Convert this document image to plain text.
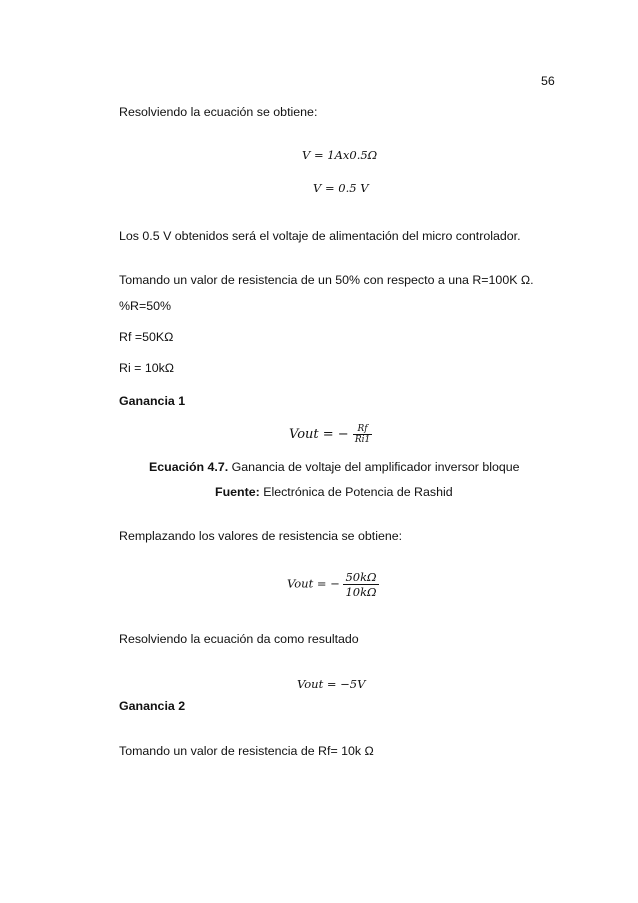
56
Resolviendo la ecuación se obtiene:
V = 1Ax0.5Ω
V = 0.5 V
Los 0.5 V obtenidos será el voltaje de alimentación del micro controlador.
Tomando un valor de resistencia de un 50% con respecto a una R=100K Ω.
%R=50%
Rf =50KΩ
Ri = 10kΩ
Ganancia 1
Vout = − $\frac{Rf}{Ri1}$
Ecuación 4.7. Ganancia de voltaje del amplificador inversor bloque
Fuente: Electrónica de Potencia de Rashid
Remplazando los valores de resistencia se obtiene:
Vout = − $\frac{50k\Omega}{10k\Omega}$
Resolviendo la ecuación da como resultado
Vout = −5V
Ganancia 2
Tomando un valor de resistencia de Rf= 10k Ω
